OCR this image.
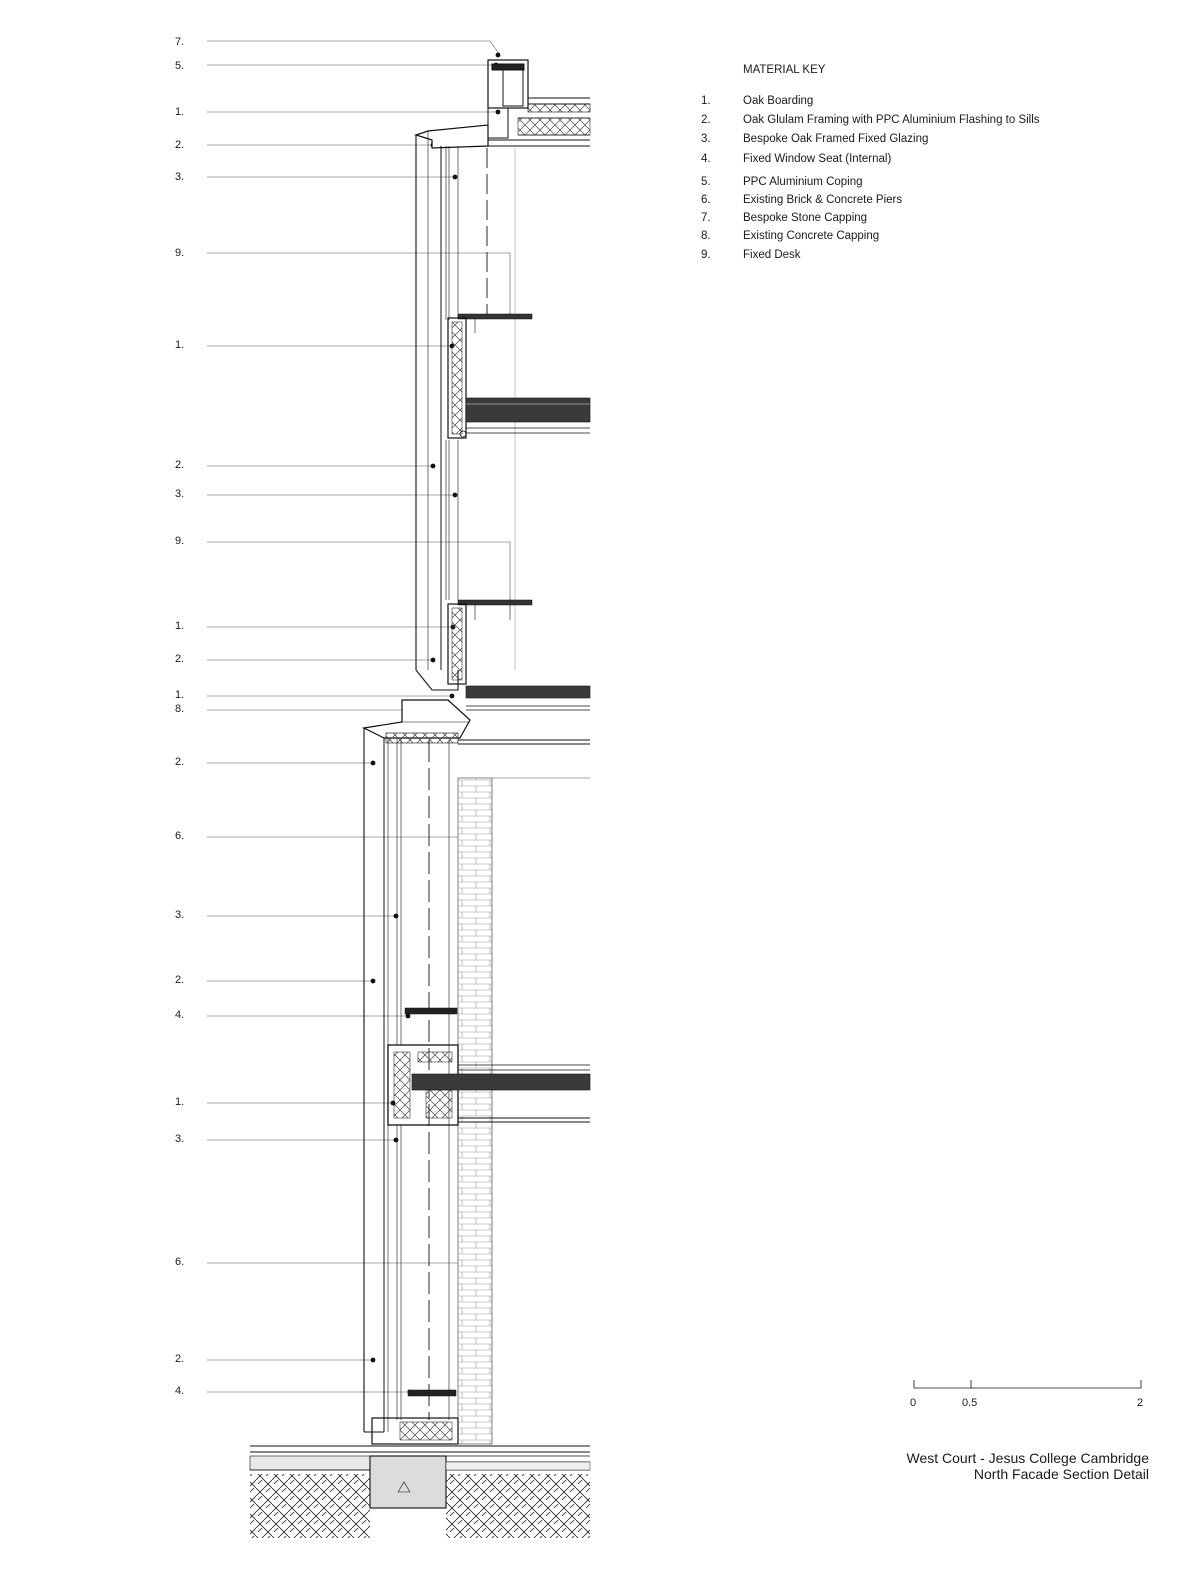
7.
5.
1.
2.
3.
9.
1.
2.
3.
9.
1.
2.
1.
8.
2.
6.
3.
2.
4.
1.
3.
6.
2.
4.
MATERIAL KEY
1.	Oak Boarding
2.	Oak Glulam Framing with PPC Aluminium Flashing to Sills
3.	Bespoke Oak Framed Fixed Glazing
4.	Fixed Window Seat (Internal)
5.	PPC Aluminium Coping
6.	Existing Brick & Concrete Piers
7.	Bespoke Stone Capping
8.	Existing Concrete Capping
9.	Fixed Desk
0	0.5	2
West Court - Jesus College Cambridge
North Facade Section Detail
